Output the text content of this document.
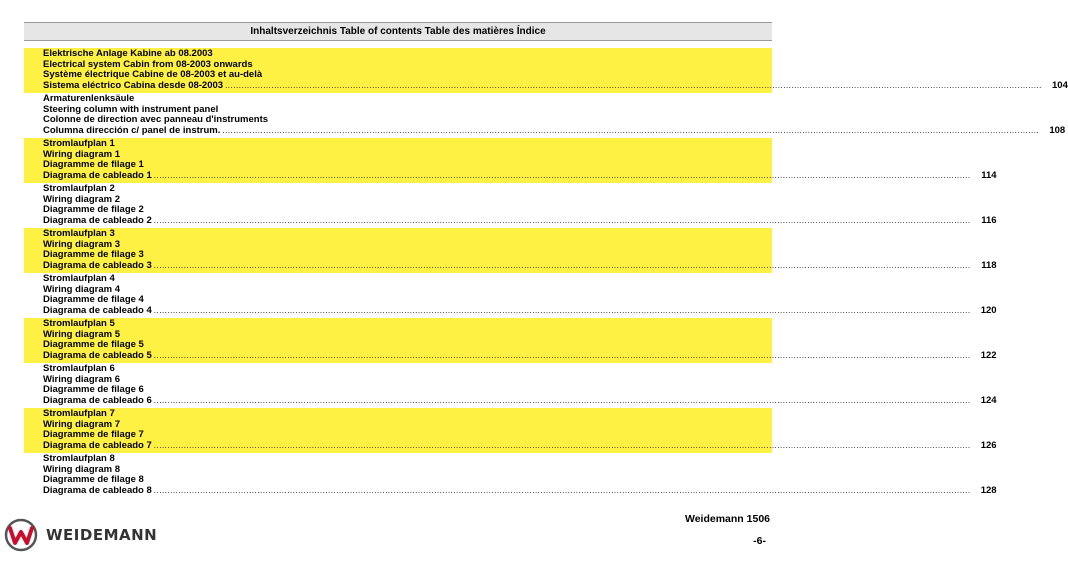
Inhaltsverzeichnis Table of contents Table des matières Índice
Elektrische Anlage Kabine ab 08.2003
Electrical system Cabin from 08-2003 onwards
Système électrique Cabine de 08-2003 et au-delà
Sistema eléctrico Cabina desde 08-2003 ............................................................................................................................................................................................................................................................................................................	104
Armaturenlenksäule
Steering column with instrument panel
Colonne de direction avec panneau d'instruments
Columna dirección c/ panel de instrum. ............................................................................................................................................................................................................................................................................................................	108
Stromlaufplan 1
Wiring diagram 1
Diagramme de filage 1
Diagrama de cableado 1 ............................................................................................................................................................................................................................................................................................................	114
Stromlaufplan 2
Wiring diagram 2
Diagramme de filage 2
Diagrama de cableado 2 ............................................................................................................................................................................................................................................................................................................	116
Stromlaufplan 3
Wiring diagram 3
Diagramme de filage 3
Diagrama de cableado 3 ............................................................................................................................................................................................................................................................................................................	118
Stromlaufplan 4
Wiring diagram 4
Diagramme de filage 4
Diagrama de cableado 4 ............................................................................................................................................................................................................................................................................................................	120
Stromlaufplan 5
Wiring diagram 5
Diagramme de filage 5
Diagrama de cableado 5 ............................................................................................................................................................................................................................................................................................................	122
Stromlaufplan 6
Wiring diagram 6
Diagramme de filage 6
Diagrama de cableado 6 ............................................................................................................................................................................................................................................................................................................	124
Stromlaufplan 7
Wiring diagram 7
Diagramme de filage 7
Diagrama de cableado 7 ............................................................................................................................................................................................................................................................................................................	126
Stromlaufplan 8
Wiring diagram 8
Diagramme de filage 8
Diagrama de cableado 8 ............................................................................................................................................................................................................................................................................................................	128
WEIDEMANN
Weidemann 1506
-6-
